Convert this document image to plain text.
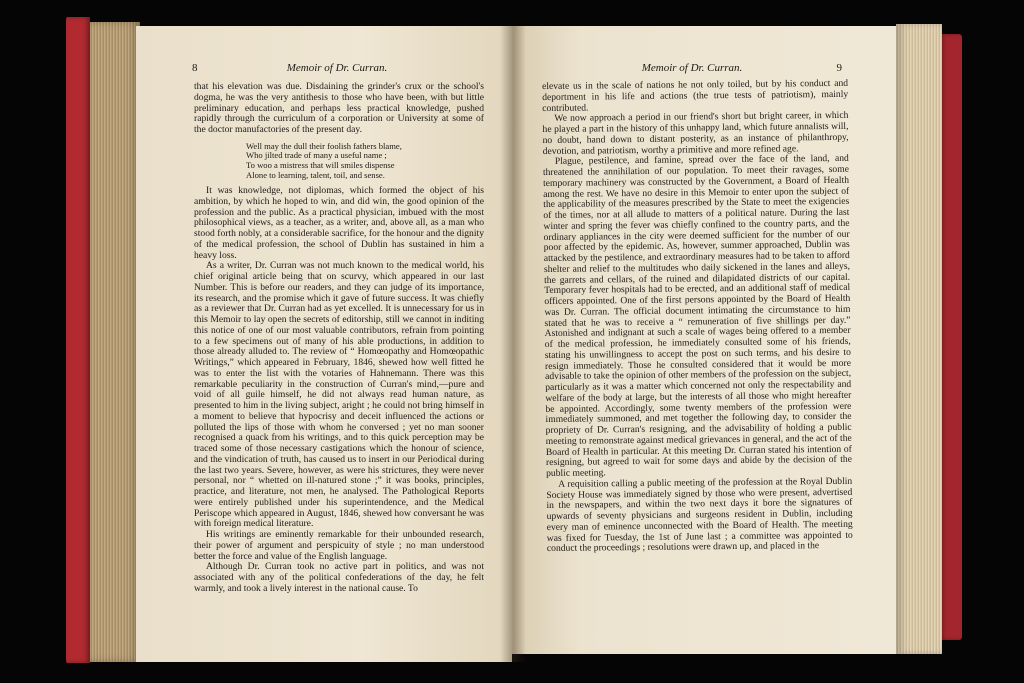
8	Memoir of Dr. Curran.

that his elevation was due. Disdaining the grinder's crux or the school's dogma, he was the very antithesis to those who have been, with but little preliminary education, and perhaps less practical knowledge, pushed rapidly through the curriculum of a corporation or University at some of the doctor manufactories of the present day.

Well may the dull their foolish fathers blame,
Who jilted trade of many a useful name ;
To woo a mistress that will smiles dispense
Alone to learning, talent, toil, and sense.

It was knowledge, not diplomas, which formed the object of his ambition, by which he hoped to win, and did win, the good opinion of the profession and the public. As a practical physician, imbued with the most philosophical views, as a teacher, as a writer, and, above all, as a man who stood forth nobly, at a considerable sacrifice, for the honour and the dignity of the medical profession, the school of Dublin has sustained in him a heavy loss.

As a writer, Dr. Curran was not much known to the medical world, his chief original article being that on scurvy, which appeared in our last Number. This is before our readers, and they can judge of its importance, its research, and the promise which it gave of future success. It was chiefly as a reviewer that Dr. Curran had as yet excelled. It is unnecessary for us in this Memoir to lay open the secrets of editorship, still we cannot in inditing this notice of one of our most valuable contributors, refrain from pointing to a few specimens out of many of his able productions, in addition to those already alluded to. The review of “ Homœopathy and Homœopathic Writings,” which appeared in February, 1846, shewed how well fitted he was to enter the list with the votaries of Hahnemann. There was this remarkable peculiarity in the construction of Curran's mind,—pure and void of all guile himself, he did not always read human nature, as presented to him in the living subject, aright ; he could not bring himself in a moment to believe that hypocrisy and deceit influenced the actions or polluted the lips of those with whom he conversed ; yet no man sooner recognised a quack from his writings, and to this quick perception may be traced some of those necessary castigations which the honour of science, and the vindication of truth, has caused us to insert in our Periodical during the last two years. Severe, however, as were his strictures, they were never personal, nor “ whetted on ill-natured stone ;” it was books, principles, practice, and literature, not men, he analysed. The Pathological Reports were entirely published under his superintendence, and the Medical Periscope which appeared in August, 1846, shewed how conversant he was with foreign medical literature.

His writings are eminently remarkable for their unbounded research, their power of argument and perspicuity of style ; no man understood better the force and value of the English language.

Although Dr. Curran took no active part in politics, and was not associated with any of the political confederations of the day, he felt warmly, and took a lively interest in the national cause. To

Memoir of Dr. Curran.	9

elevate us in the scale of nations he not only toiled, but by his conduct and deportment in his life and actions (the true tests of patriotism), mainly contributed.

We now approach a period in our friend's short but bright career, in which he played a part in the history of this unhappy land, which future annalists will, no doubt, hand down to distant posterity, as an instance of philanthropy, devotion, and patriotism, worthy a primitive and more refined age.

Plague, pestilence, and famine, spread over the face of the land, and threatened the annihilation of our population. To meet their ravages, some temporary machinery was constructed by the Government, a Board of Health among the rest. We have no desire in this Memoir to enter upon the subject of the applicability of the measures prescribed by the State to meet the exigencies of the times, nor at all allude to matters of a political nature. During the last winter and spring the fever was chiefly confined to the country parts, and the ordinary appliances in the city were deemed sufficient for the number of our poor affected by the epidemic. As, however, summer approached, Dublin was attacked by the pestilence, and extraordinary measures had to be taken to afford shelter and relief to the multitudes who daily sickened in the lanes and alleys, the garrets and cellars, of the ruined and dilapidated districts of our capital. Temporary fever hospitals had to be erected, and an additional staff of medical officers appointed. One of the first persons appointed by the Board of Health was Dr. Curran. The official document intimating the circumstance to him stated that he was to receive a “ remuneration of five shillings per day.” Astonished and indignant at such a scale of wages being offered to a member of the medical profession, he immediately consulted some of his friends, stating his unwillingness to accept the post on such terms, and his desire to resign immediately. Those he consulted considered that it would be more advisable to take the opinion of other members of the profession on the subject, particularly as it was a matter which concerned not only the respectability and welfare of the body at large, but the interests of all those who might hereafter be appointed. Accordingly, some twenty members of the profession were immediately summoned, and met together the following day, to consider the propriety of Dr. Curran's resigning, and the advisability of holding a public meeting to remonstrate against medical grievances in general, and the act of the Board of Health in particular. At this meeting Dr. Curran stated his intention of resigning, but agreed to wait for some days and abide by the decision of the public meeting.

A requisition calling a public meeting of the profession at the Royal Dublin Society House was immediately signed by those who were present, advertised in the newspapers, and within the two next days it bore the signatures of upwards of seventy physicians and surgeons resident in Dublin, including every man of eminence unconnected with the Board of Health. The meeting was fixed for Tuesday, the 1st of June last ; a committee was appointed to conduct the proceedings ; resolutions were drawn up, and placed in the
